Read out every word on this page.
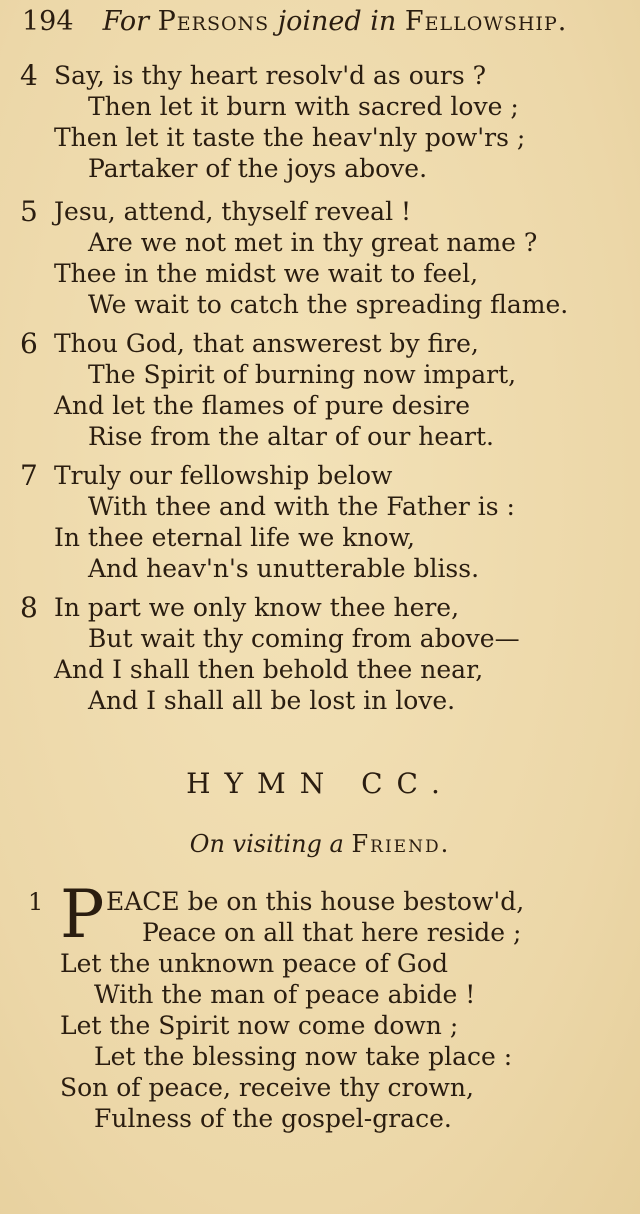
194 For Persons joined in Fellowship.
4 Say, is thy heart resolv'd as ours ?
Then let it burn with sacred love ;
Then let it taste the heav'nly pow'rs ;
Partaker of the joys above.
5 Jesu, attend, thyself reveal !
Are we not met in thy great name ?
Thee in the midst we wait to feel,
We wait to catch the spreading flame.
6 Thou God, that answerest by fire,
The Spirit of burning now impart,
And let the flames of pure desire
Rise from the altar of our heart.
7 Truly our fellowship below
With thee and with the Father is :
In thee eternal life we know,
And heav'n's unutterable bliss.
8 In part we only know thee here,
But wait thy coming from above—
And I shall then behold thee near,
And I shall all be lost in love.
HYMN CC.
On visiting a Friend.
1	EACE be on this house bestow'd,
Peace on all that here reside ;
Let the unknown peace of God
With the man of peace abide !
Let the Spirit now come down ;
Let the blessing now take place :
Son of peace, receive thy crown,
Fulness of the gospel-grace.
P
